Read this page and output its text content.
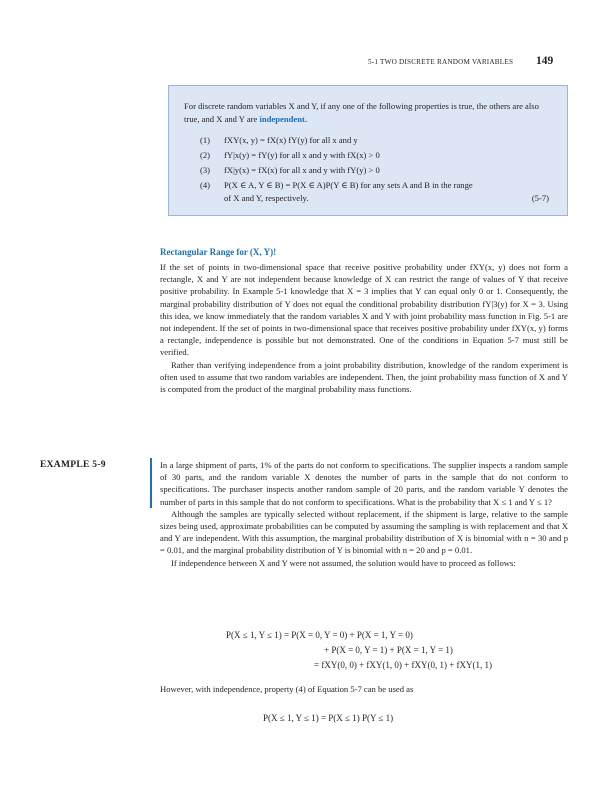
5-1 TWO DISCRETE RANDOM VARIABLES 149
For discrete random variables X and Y, if any one of the following properties is true, the others are also true, and X and Y are independent.
(1) fXY(x, y) = fX(x) fY(y) for all x and y
(2) fY|x(y) = fY(y) for all x and y with fX(x) > 0
(3) fX|y(x) = fX(x) for all x and y with fY(y) > 0
(4) P(X ∈ A, Y ∈ B) = P(X ∈ A)P(Y ∈ B) for any sets A and B in the range
of X and Y, respectively.	(5-7)
Rectangular Range for (X, Y)!

If the set of points in two-dimensional space that receive positive probability under fXY(x, y) does not form a rectangle, X and Y are not independent because knowledge of X can restrict the range of values of Y that receive positive probability. In Example 5-1 knowledge that X = 3 implies that Y can equal only 0 or 1. Consequently, the marginal probability distribution of Y does not equal the conditional probability distribution fY|3(y) for X = 3. Using this idea, we know immediately that the random variables X and Y with joint probability mass function in Fig. 5-1 are not independent. If the set of points in two-dimensional space that receives positive probability under fXY(x, y) forms a rectangle, independence is possible but not demonstrated. One of the conditions in Equation 5-7 must still be verified.

Rather than verifying independence from a joint probability distribution, knowledge of the random experiment is often used to assume that two random variables are independent. Then, the joint probability mass function of X and Y is computed from the product of the marginal probability mass functions.

EXAMPLE 5-9	In a large shipment of parts, 1% of the parts do not conform to specifications. The supplier inspects a random sample of 30 parts, and the random variable X denotes the number of parts in the sample that do not conform to specifications. The purchaser inspects another random sample of 20 parts, and the random variable Y denotes the number of parts in this sample that do not conform to specifications. What is the probability that X ≤ 1 and Y ≤ 1?

Although the samples are typically selected without replacement, if the shipment is large, relative to the sample sizes being used, approximate probabilities can be computed by assuming the sampling is with replacement and that X and Y are independent. With this assumption, the marginal probability distribution of X is binomial with n = 30 and p = 0.01, and the marginal probability distribution of Y is binomial with n = 20 and p = 0.01.

If independence between X and Y were not assumed, the solution would have to proceed as follows:

P(X ≤ 1, Y ≤ 1) = P(X = 0, Y = 0) + P(X = 1, Y = 0)
+ P(X = 0, Y = 1) + P(X = 1, Y = 1)
= fXY(0, 0) + fXY(1, 0) + fXY(0, 1) + fXY(1, 1)
However, with independence, property (4) of Equation 5-7 can be used as
P(X ≤ 1, Y ≤ 1) = P(X ≤ 1) P(Y ≤ 1)
